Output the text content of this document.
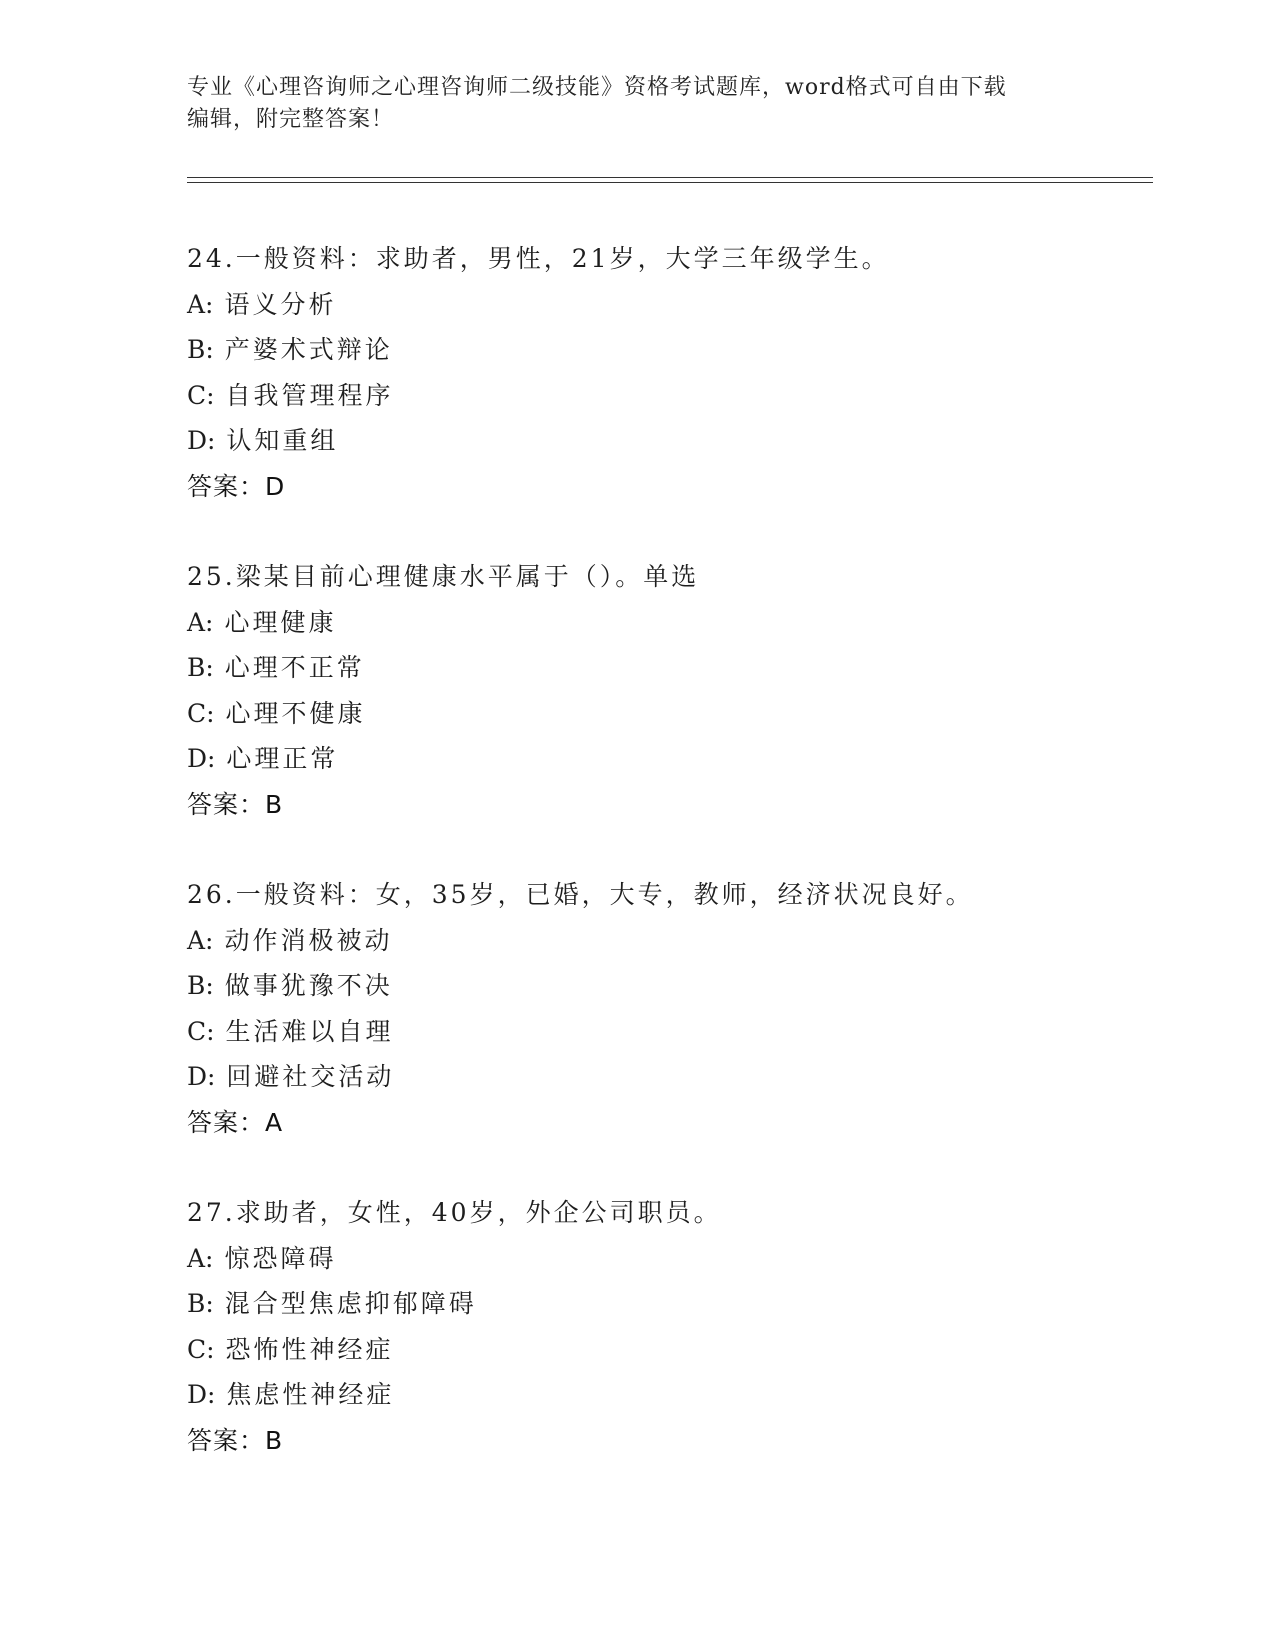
专业《心理咨询师之心理咨询师二级技能》资格考试题库，word格式可自由下载
编辑，附完整答案！
24.一般资料：求助者，男性，21岁，大学三年级学生。
A: 语义分析
B: 产婆术式辩论
C: 自我管理程序
D: 认知重组
答案：D
25.梁某目前心理健康水平属于（）。单选
A: 心理健康
B: 心理不正常
C: 心理不健康
D: 心理正常
答案：B
26.一般资料：女，35岁，已婚，大专，教师，经济状况良好。
A: 动作消极被动
B: 做事犹豫不决
C: 生活难以自理
D: 回避社交活动
答案：A
27.求助者，女性，40岁，外企公司职员。
A: 惊恐障碍
B: 混合型焦虑抑郁障碍
C: 恐怖性神经症
D: 焦虑性神经症
答案：B
